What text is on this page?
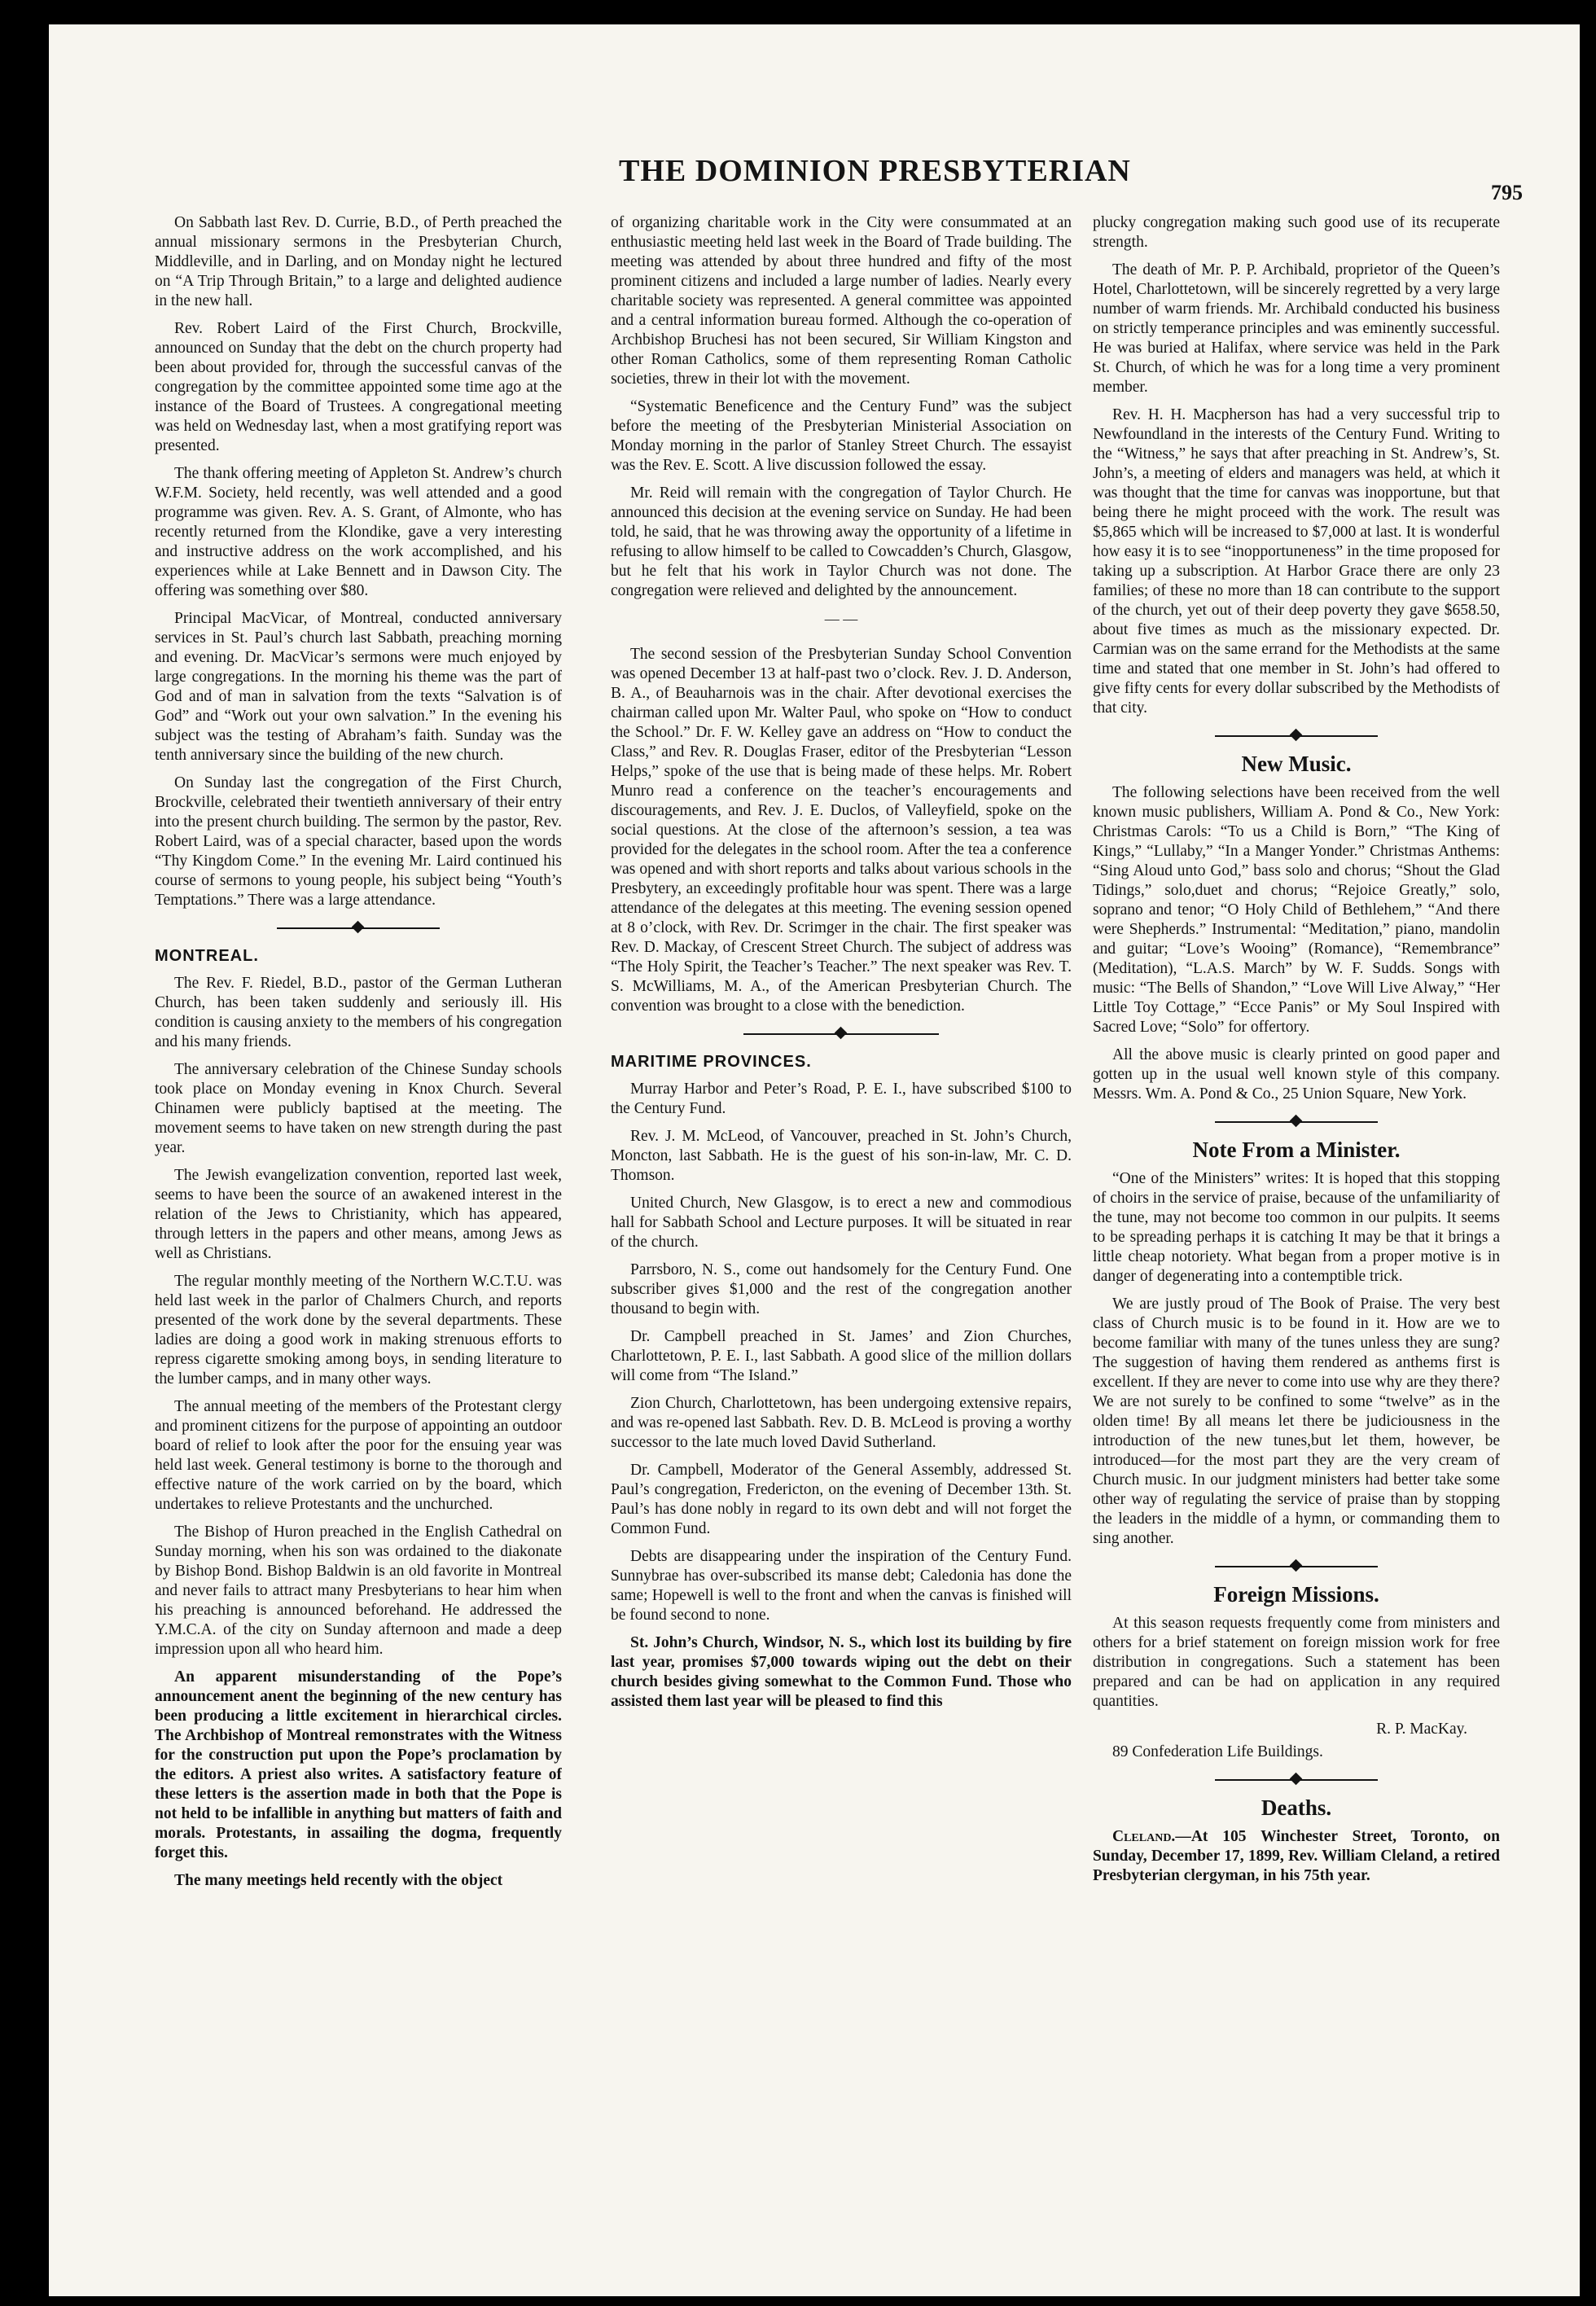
THE DOMINION PRESBYTERIAN
795

On Sabbath last Rev. D. Currie, B.D., of Perth preached the annual missionary sermons in the Presbyterian Church, Middleville, and in Darling, and on Monday night he lectured on “A Trip Through Britain,” to a large and delighted audience in the new hall.

Rev. Robert Laird of the First Church, Brockville, announced on Sunday that the debt on the church property had been about provided for, through the successful canvas of the congregation by the committee appointed some time ago at the instance of the Board of Trustees. A congregational meeting was held on Wednesday last, when a most gratifying report was presented.

The thank offering meeting of Appleton St. Andrew’s church W.F.M. Society, held recently, was well attended and a good programme was given. Rev. A. S. Grant, of Almonte, who has recently returned from the Klondike, gave a very interesting and instructive address on the work accomplished, and his experiences while at Lake Bennett and in Dawson City. The offering was something over $80.

Principal MacVicar, of Montreal, conducted anniversary services in St. Paul’s church last Sabbath, preaching morning and evening. Dr. MacVicar’s sermons were much enjoyed by large congregations. In the morning his theme was the part of God and of man in salvation from the texts “Salvation is of God” and “Work out your own salvation.” In the evening his subject was the testing of Abraham’s faith. Sunday was the tenth anniversary since the building of the new church.

On Sunday last the congregation of the First Church, Brockville, celebrated their twentieth anniversary of their entry into the present church building. The sermon by the pastor, Rev. Robert Laird, was of a special character, based upon the words “Thy Kingdom Come.” In the evening Mr. Laird continued his course of sermons to young people, his subject being “Youth’s Temptations.” There was a large attendance.

MONTREAL.

The Rev. F. Riedel, B.D., pastor of the German Lutheran Church, has been taken suddenly and seriously ill. His condition is causing anxiety to the members of his congregation and his many friends.

The anniversary celebration of the Chinese Sunday schools took place on Monday evening in Knox Church. Several Chinamen were publicly baptised at the meeting. The movement seems to have taken on new strength during the past year.

The Jewish evangelization convention, reported last week, seems to have been the source of an awakened interest in the relation of the Jews to Christianity, which has appeared, through letters in the papers and other means, among Jews as well as Christians.

The regular monthly meeting of the Northern W.C.T.U. was held last week in the parlor of Chalmers Church, and reports presented of the work done by the several departments. These ladies are doing a good work in making strenuous efforts to repress cigarette smoking among boys, in sending literature to the lumber camps, and in many other ways.

The annual meeting of the members of the Protestant clergy and prominent citizens for the purpose of appointing an outdoor board of relief to look after the poor for the ensuing year was held last week. General testimony is borne to the thorough and effective nature of the work carried on by the board, which undertakes to relieve Protestants and the unchurched.

The Bishop of Huron preached in the English Cathedral on Sunday morning, when his son was ordained to the diakonate by Bishop Bond. Bishop Baldwin is an old favorite in Montreal and never fails to attract many Presbyterians to hear him when his preaching is announced beforehand. He addressed the Y.M.C.A. of the city on Sunday afternoon and made a deep impression upon all who heard him.

An apparent misunderstanding of the Pope’s announcement anent the beginning of the new century has been producing a little excitement in hierarchical circles. The Archbishop of Montreal remonstrates with the Witness for the construction put upon the Pope’s proclamation by the editors. A priest also writes. A satisfactory feature of these letters is the assertion made in both that the Pope is not held to be infallible in anything but matters of faith and morals. Protestants, in assailing the dogma, frequently forget this.

The many meetings held recently with the object

of organizing charitable work in the City were consummated at an enthusiastic meeting held last week in the Board of Trade building. The meeting was attended by about three hundred and fifty of the most prominent citizens and included a large number of ladies. Nearly every charitable society was represented. A general committee was appointed and a central information bureau formed. Although the co-operation of Archbishop Bruchesi has not been secured, Sir William Kingston and other Roman Catholics, some of them representing Roman Catholic societies, threw in their lot with the movement.

“Systematic Beneficence and the Century Fund” was the subject before the meeting of the Presbyterian Ministerial Association on Monday morning in the parlor of Stanley Street Church. The essayist was the Rev. E. Scott. A live discussion followed the essay.

Mr. Reid will remain with the congregation of Taylor Church. He announced this decision at the evening service on Sunday. He had been told, he said, that he was throwing away the opportunity of a lifetime in refusing to allow himself to be called to Cowcadden’s Church, Glasgow, but he felt that his work in Taylor Church was not done. The congregation were relieved and delighted by the announcement.

— —

The second session of the Presbyterian Sunday School Convention was opened December 13 at half-past two o’clock. Rev. J. D. Anderson, B. A., of Beauharnois was in the chair. After devotional exercises the chairman called upon Mr. Walter Paul, who spoke on “How to conduct the School.” Dr. F. W. Kelley gave an address on “How to conduct the Class,” and Rev. R. Douglas Fraser, editor of the Presbyterian “Lesson Helps,” spoke of the use that is being made of these helps. Mr. Robert Munro read a conference on the teacher’s encouragements and discouragements, and Rev. J. E. Duclos, of Valleyfield, spoke on the social questions. At the close of the afternoon’s session, a tea was provided for the delegates in the school room. After the tea a conference was opened and with short reports and talks about various schools in the Presbytery, an exceedingly profitable hour was spent. There was a large attendance of the delegates at this meeting. The evening session opened at 8 o’clock, with Rev. Dr. Scrimger in the chair. The first speaker was Rev. D. Mackay, of Crescent Street Church. The subject of address was “The Holy Spirit, the Teacher’s Teacher.” The next speaker was Rev. T. S. McWilliams, M. A., of the American Presbyterian Church. The convention was brought to a close with the benediction.

MARITIME PROVINCES.

Murray Harbor and Peter’s Road, P. E. I., have subscribed $100 to the Century Fund.

Rev. J. M. McLeod, of Vancouver, preached in St. John’s Church, Moncton, last Sabbath. He is the guest of his son-in-law, Mr. C. D. Thomson.

United Church, New Glasgow, is to erect a new and commodious hall for Sabbath School and Lecture purposes. It will be situated in rear of the church.

Parrsboro, N. S., come out handsomely for the Century Fund. One subscriber gives $1,000 and the rest of the congregation another thousand to begin with.

Dr. Campbell preached in St. James’ and Zion Churches, Charlottetown, P. E. I., last Sabbath. A good slice of the million dollars will come from “The Island.”

Zion Church, Charlottetown, has been undergoing extensive repairs, and was re-opened last Sabbath. Rev. D. B. McLeod is proving a worthy successor to the late much loved David Sutherland.

Dr. Campbell, Moderator of the General Assembly, addressed St. Paul’s congregation, Fredericton, on the evening of December 13th. St. Paul’s has done nobly in regard to its own debt and will not forget the Common Fund.

Debts are disappearing under the inspiration of the Century Fund. Sunnybrae has over-subscribed its manse debt; Caledonia has done the same; Hopewell is well to the front and when the canvas is finished will be found second to none.

St. John’s Church, Windsor, N. S., which lost its building by fire last year, promises $7,000 towards wiping out the debt on their church besides giving somewhat to the Common Fund. Those who assisted them last year will be pleased to find this

plucky congregation making such good use of its recuperate strength.

The death of Mr. P. P. Archibald, proprietor of the Queen’s Hotel, Charlottetown, will be sincerely regretted by a very large number of warm friends. Mr. Archibald conducted his business on strictly temperance principles and was eminently successful. He was buried at Halifax, where service was held in the Park St. Church, of which he was for a long time a very prominent member.

Rev. H. H. Macpherson has had a very successful trip to Newfoundland in the interests of the Century Fund. Writing to the “Witness,” he says that after preaching in St. Andrew’s, St. John’s, a meeting of elders and managers was held, at which it was thought that the time for canvas was inopportune, but that being there he might proceed with the work. The result was $5,865 which will be increased to $7,000 at last. It is wonderful how easy it is to see “inopportuneness” in the time proposed for taking up a subscription. At Harbor Grace there are only 23 families; of these no more than 18 can contribute to the support of the church, yet out of their deep poverty they gave $658.50, about five times as much as the missionary expected. Dr. Carmian was on the same errand for the Methodists at the same time and stated that one member in St. John’s had offered to give fifty cents for every dollar subscribed by the Methodists of that city.

New Music.

The following selections have been received from the well known music publishers, William A. Pond & Co., New York: Christmas Carols: “To us a Child is Born,” “The King of Kings,” “Lullaby,” “In a Manger Yonder.” Christmas Anthems: “Sing Aloud unto God,” bass solo and chorus; “Shout the Glad Tidings,” solo,duet and chorus; “Rejoice Greatly,” solo, soprano and tenor; “O Holy Child of Bethlehem,” “And there were Shepherds.” Instrumental: “Meditation,” piano, mandolin and guitar; “Love’s Wooing” (Romance), “Remembrance” (Meditation), “L.A.S. March” by W. F. Sudds. Songs with music: “The Bells of Shandon,” “Love Will Live Alway,” “Her Little Toy Cottage,” “Ecce Panis” or My Soul Inspired with Sacred Love; “Solo” for offertory.

All the above music is clearly printed on good paper and gotten up in the usual well known style of this company. Messrs. Wm. A. Pond & Co., 25 Union Square, New York.

Note From a Minister.

“One of the Ministers” writes: It is hoped that this stopping of choirs in the service of praise, because of the unfamiliarity of the tune, may not become too common in our pulpits. It seems to be spreading perhaps it is catching It may be that it brings a little cheap notoriety. What began from a proper motive is in danger of degenerating into a contemptible trick.

We are justly proud of The Book of Praise. The very best class of Church music is to be found in it. How are we to become familiar with many of the tunes unless they are sung? The suggestion of having them rendered as anthems first is excellent. If they are never to come into use why are they there? We are not surely to be confined to some “twelve” as in the olden time! By all means let there be judiciousness in the introduction of the new tunes,but let them, however, be introduced—for the most part they are the very cream of Church music. In our judgment ministers had better take some other way of regulating the service of praise than by stopping the leaders in the middle of a hymn, or commanding them to sing another.

Foreign Missions.

At this season requests frequently come from ministers and others for a brief statement on foreign mission work for free distribution in congregations. Such a statement has been prepared and can be had on application in any required quantities.

R. P. MacKay.
89 Confederation Life Buildings.
Deaths.

Cleland.—At 105 Winchester Street, Toronto, on Sunday, December 17, 1899, Rev. William Cleland, a retired Presbyterian clergyman, in his 75th year.
